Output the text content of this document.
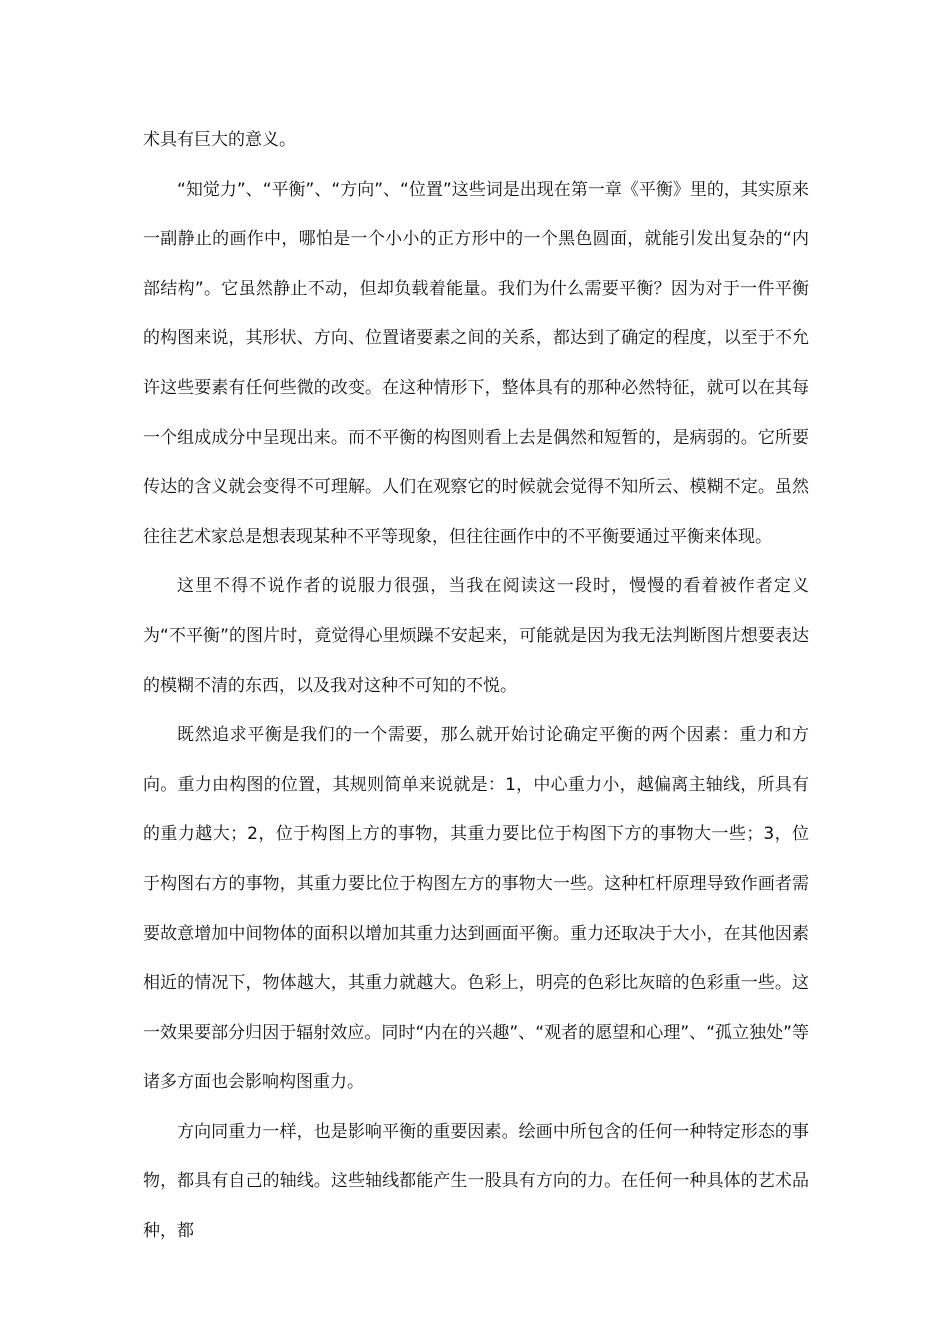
术具有巨大的意义。

“知觉力”、“平衡”、“方向”、“位置”这些词是出现在第一章《平衡》里的，其实原来一副静止的画作中，哪怕是一个小小的正方形中的一个黑色圆面，就能引发出复杂的“内部结构”。它虽然静止不动，但却负载着能量。我们为什么需要平衡？因为对于一件平衡的构图来说，其形状、方向、位置诸要素之间的关系，都达到了确定的程度，以至于不允许这些要素有任何些微的改变。在这种情形下，整体具有的那种必然特征，就可以在其每一个组成成分中呈现出来。而不平衡的构图则看上去是偶然和短暂的，是病弱的。它所要传达的含义就会变得不可理解。人们在观察它的时候就会觉得不知所云、模糊不定。虽然往往艺术家总是想表现某种不平等现象，但往往画作中的不平衡要通过平衡来体现。

这里不得不说作者的说服力很强，当我在阅读这一段时，慢慢的看着被作者定义为“不平衡”的图片时，竟觉得心里烦躁不安起来，可能就是因为我无法判断图片想要表达的模糊不清的东西，以及我对这种不可知的不悦。

既然追求平衡是我们的一个需要，那么就开始讨论确定平衡的两个因素：重力和方向。重力由构图的位置，其规则简单来说就是：1，中心重力小，越偏离主轴线，所具有的重力越大；2，位于构图上方的事物，其重力要比位于构图下方的事物大一些；3，位于构图右方的事物，其重力要比位于构图左方的事物大一些。这种杠杆原理导致作画者需要故意增加中间物体的面积以增加其重力达到画面平衡。重力还取决于大小，在其他因素相近的情况下，物体越大，其重力就越大。色彩上，明亮的色彩比灰暗的色彩重一些。这一效果要部分归因于辐射效应。同时“内在的兴趣”、“观者的愿望和心理”、“孤立独处”等诸多方面也会影响构图重力。

方向同重力一样，也是影响平衡的重要因素。绘画中所包含的任何一种特定形态的事物，都具有自己的轴线。这些轴线都能产生一股具有方向的力。在任何一种具体的艺术品种，都
